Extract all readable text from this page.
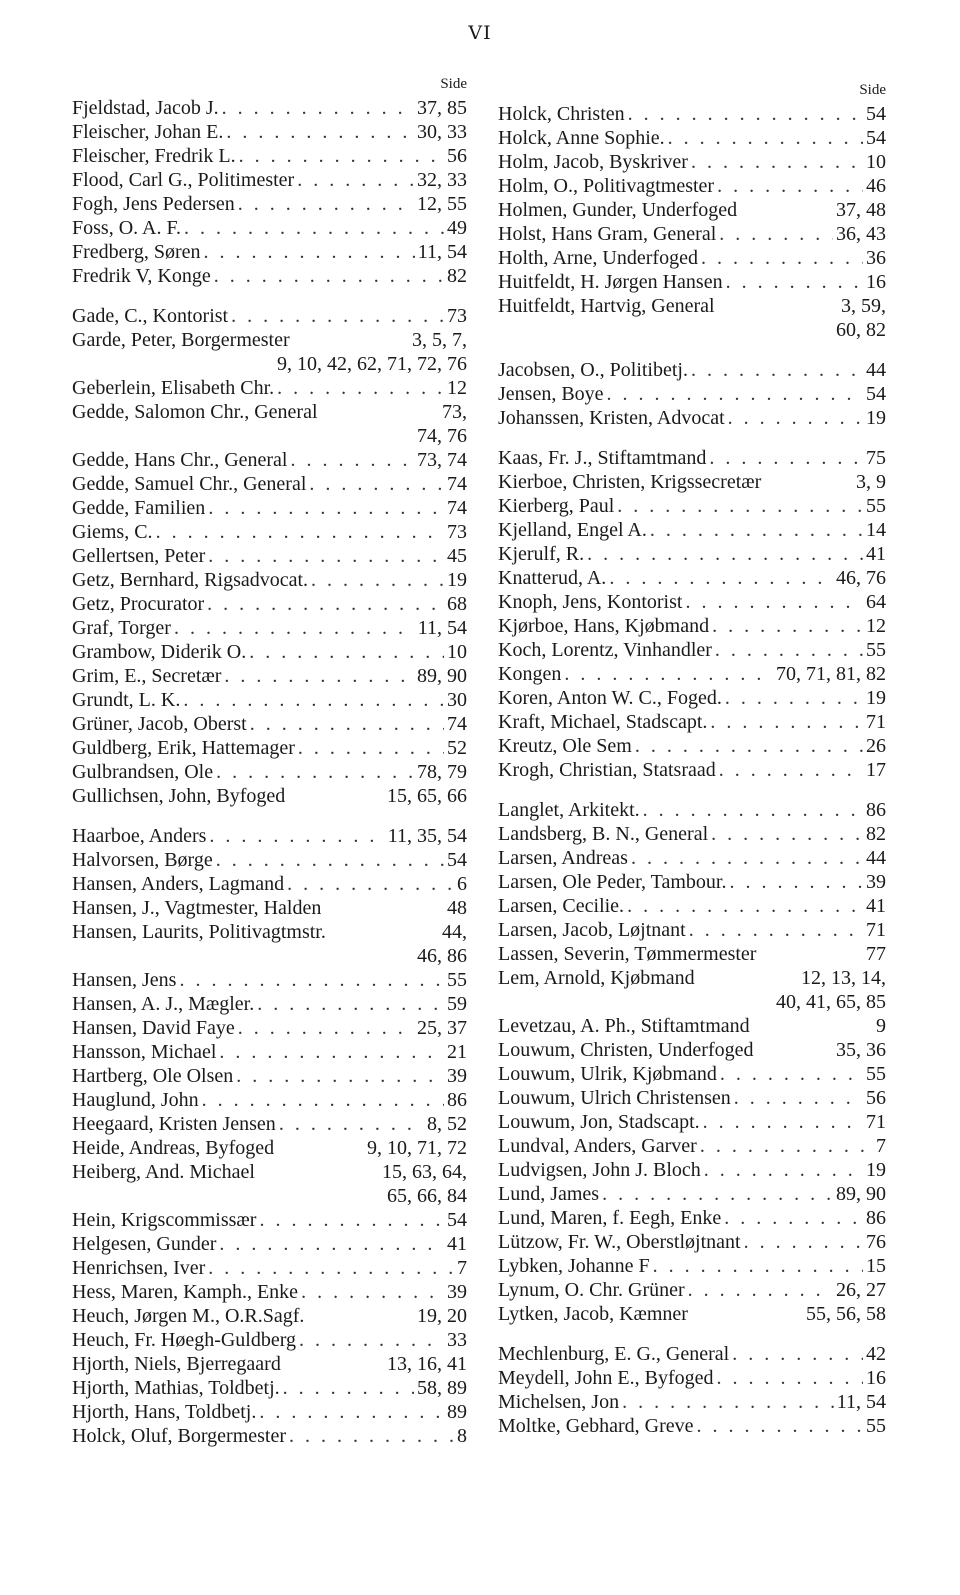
VI
Side
Fjeldstad, Jacob J. . . .	37, 85
Fleischer, Johan E. . . .	30, 33
Fleischer, Fredrik L. . . .	56
Flood, Carl G., Politimester . . .	32, 33
Fogh, Jens Pedersen . . .	12, 55
Foss, O. A. F. . . .	49
Fredberg, Søren . . .	11, 54
Fredrik V, Konge . . .	82
Gade, C., Kontorist . . .	73
Garde, Peter, Borgermester	3, 5, 7,
9, 10, 42, 62, 71, 72, 76
Geberlein, Elisabeth Chr. . . .	12
Gedde, Salomon Chr., General	73,
74, 76
Gedde, Hans Chr., General . . .	73, 74
Gedde, Samuel Chr., General . . .	74
Gedde, Familien . . .	74
Giems, C. . . .	73
Gellertsen, Peter . . .	45
Getz, Bernhard, Rigsadvocat. . . .	19
Getz, Procurator . . .	68
Graf, Torger . . .	11, 54
Grambow, Diderik O. . . .	10
Grim, E., Secretær . . .	89, 90
Grundt, L. K. . . .	30
Grüner, Jacob, Oberst . . .	74
Guldberg, Erik, Hattemager . . .	52
Gulbrandsen, Ole . . .	78, 79
Gullichsen, John, Byfoged	15, 65, 66
Haarboe, Anders . . .	11, 35, 54
Halvorsen, Børge . . .	54
Hansen, Anders, Lagmand . . .	6
Hansen, J., Vagtmester, Halden	48
Hansen, Laurits, Politivagtmstr.	44,
46, 86
Hansen, Jens . . .	55
Hansen, A. J., Mægler. . . .	59
Hansen, David Faye . . .	25, 37
Hansson, Michael . . .	21
Hartberg, Ole Olsen . . .	39
Hauglund, John . . .	86
Heegaard, Kristen Jensen . . .	8, 52
Heide, Andreas, Byfoged	9, 10, 71, 72
Heiberg, And. Michael	15, 63, 64,
65, 66, 84
Hein, Krigscommissær . . .	54
Helgesen, Gunder . . .	41
Henrichsen, Iver . . .	7
Hess, Maren, Kamph., Enke . . .	39
Heuch, Jørgen M., O.R.Sagf.	19, 20
Heuch, Fr. Høegh-Guldberg . . .	33
Hjorth, Niels, Bjerregaard	13, 16, 41
Hjorth, Mathias, Toldbetj. . . .	58, 89
Hjorth, Hans, Toldbetj. . . .	89
Holck, Oluf, Borgermester . . .	8
Side
Holck, Christen . . .	54
Holck, Anne Sophie. . . .	54
Holm, Jacob, Byskriver . . .	10
Holm, O., Politivagtmester . . .	46
Holmen, Gunder, Underfoged	37, 48
Holst, Hans Gram, General . . .	36, 43
Holth, Arne, Underfoged . . .	36
Huitfeldt, H. Jørgen Hansen . . .	16
Huitfeldt, Hartvig, General	3, 59,
60, 82
Jacobsen, O., Politibetj. . . .	44
Jensen, Boye . . .	54
Johanssen, Kristen, Advocat . . .	19
Kaas, Fr. J., Stiftamtmand . . .	75
Kierboe, Christen, Krigssecretær	3, 9
Kierberg, Paul . . .	55
Kjelland, Engel A. . . .	14
Kjerulf, R. . . .	41
Knatterud, A. . . .	46, 76
Knoph, Jens, Kontorist . . .	64
Kjørboe, Hans, Kjøbmand . . .	12
Koch, Lorentz, Vinhandler . . .	55
Kongen . . .	70, 71, 81, 82
Koren, Anton W. C., Foged. . . .	19
Kraft, Michael, Stadscapt. . . .	71
Kreutz, Ole Sem . . .	26
Krogh, Christian, Statsraad . . .	17
Langlet, Arkitekt. . . .	86
Landsberg, B. N., General . . .	82
Larsen, Andreas . . .	44
Larsen, Ole Peder, Tambour. . . .	39
Larsen, Cecilie. . . .	41
Larsen, Jacob, Løjtnant . . .	71
Lassen, Severin, Tømmermester	77
Lem, Arnold, Kjøbmand	12, 13, 14,
40, 41, 65, 85
Levetzau, A. Ph., Stiftamtmand	9
Louwum, Christen, Underfoged	35, 36
Louwum, Ulrik, Kjøbmand . . .	55
Louwum, Ulrich Christensen . . .	56
Louwum, Jon, Stadscapt. . . .	71
Lundval, Anders, Garver . . .	7
Ludvigsen, John J. Bloch . . .	19
Lund, James . . .	89, 90
Lund, Maren, f. Eegh, Enke . . .	86
Lützow, Fr. W., Oberstløjtnant . . .	76
Lybken, Johanne F . . .	15
Lynum, O. Chr. Grüner . . .	26, 27
Lytken, Jacob, Kæmner	55, 56, 58
Mechlenburg, E. G., General . . .	42
Meydell, John E., Byfoged . . .	16
Michelsen, Jon . . .	11, 54
Moltke, Gebhard, Greve . . .	55
